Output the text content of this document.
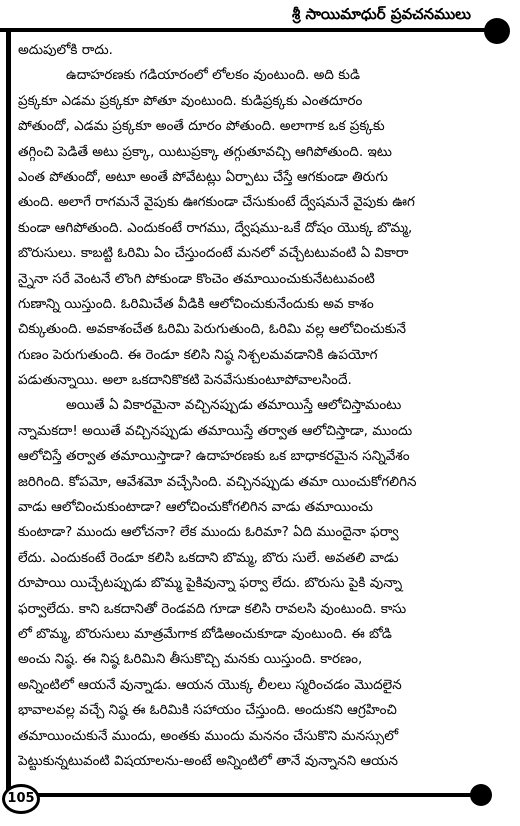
శ్రీ సాయిమాధుర్ ప్రవచనములు
అదుపులోకి రాదు.
ఉదాహరణకు గడియారంలో లోలకం వుంటుంది. అది కుడి
ప్రక్కకూ ఎడమ ప్రక్కకూ పోతూ వుంటుంది. కుడిప్రక్కకు ఎంతదూరం
పోతుందో, ఎడమ ప్రక్కకూ అంతే దూరం పోతుంది. అలాగాక ఒక ప్రక్కకు
తగ్గించి పెడితే అటు ప్రక్కా, యిటుప్రక్కా తగ్గుతూవచ్చి ఆగిపోతుంది. ఇటు
ఎంత పోతుందో, అటూ అంతే పోవేటట్లు ఏర్పాటు చేస్తే ఆగకుండా తిరుగు
తుంది. అలాగే రాగమనే వైపుకు ఊగకుండా చేసుకుంటే ద్వేషమనే వైపుకు ఊగ
కుండా ఆగిపోతుంది. ఎందుకంటే రాగము, ద్వేషము-ఒకే దోషం యొక్క బొమ్మ,
బొరుసులు. కాబట్టి ఓరిమి ఏం చేస్తుందంటే మనలో వచ్చేటటువంటి ఏ వికారా
న్నైనా సరే వెంటనే లొంగి పోకుండా కొంచెం తమాయించుకునేటటువంటి
గుణాన్ని యిస్తుంది. ఓరిమిచేత వీడికి ఆలోచించుకునేందుకు అవ కాశం
చిక్కుతుంది. అవకాశంచేత ఓరిమి పెరుగుతుంది, ఓరిమి వల్ల ఆలోచించుకునే
గుణం పెరుగుతుంది. ఈ రెండూ కలిసి నిష్ఠ నిశ్చలమవడానికి ఉపయోగ
పడుతున్నాయి. అలా ఒకదానికొకటి పెనవేసుకుంటూపోవాలసిందే.
అయితే ఏ వికారమైనా వచ్చినప్పుడు తమాయిస్తే ఆలోచిస్తామంటు
న్నామకదా! అయితే వచ్చినప్పుడు తమాయిస్తే తర్వాత ఆలోచిస్తాడా, ముందు
ఆలోచిస్తే తర్వాత తమాయిస్తాడా? ఉదాహరణకు ఒక బాధాకరమైన సన్నివేశం
జరిగింది. కోపమో, ఆవేశమో వచ్చేసింది. వచ్చినప్పుడు తమా యించుకోగలిగిన
వాడు ఆలోచించుకుంటాడా? ఆలోచించుకోగలిగిన వాడు తమాయించు
కుంటాడా? ముందు ఆలోచనా? లేక ముందు ఓరిమా? ఏది ముందైనా ఫర్వా
లేదు. ఎందుకంటే రెండూ కలిసి ఒకదాని బొమ్మ, బొరు సులే. అవతలి వాడు
రూపాయి యిచ్చేటప్పుడు బొమ్మ పైకివున్నా ఫర్వా లేదు. బొరుసు పైకి వున్నా
ఫర్వాలేదు. కాని ఒకదానితో రెండవది గూడా కలిసి రావలసి వుంటుంది. కాసు
లో బొమ్మ, బొరుసులు మాత్రమేగాక బోడిఅంచుకూడా వుంటుంది. ఈ బోడి
అంచు నిష్ఠ. ఈ నిష్ఠ ఓరిమిని తీసుకొచ్చి మనకు యిస్తుంది. కారణం,
అన్నింటిలో ఆయనే వున్నాడు. ఆయన యొక్క లీలలు స్మరించడం మొదలైన
భావాలవల్ల వచ్చే నిష్ఠ ఈ ఓరిమికి సహాయం చేస్తుంది. అందుకని ఆగ్రహించి
తమాయించుకునే ముందు, అంతకు ముందు మననం చేసుకొని మనస్సులో
పెట్టుకున్నటువంటి విషయాలను-అంటే అన్నింటిలో తానే వున్నానని ఆయన
105
